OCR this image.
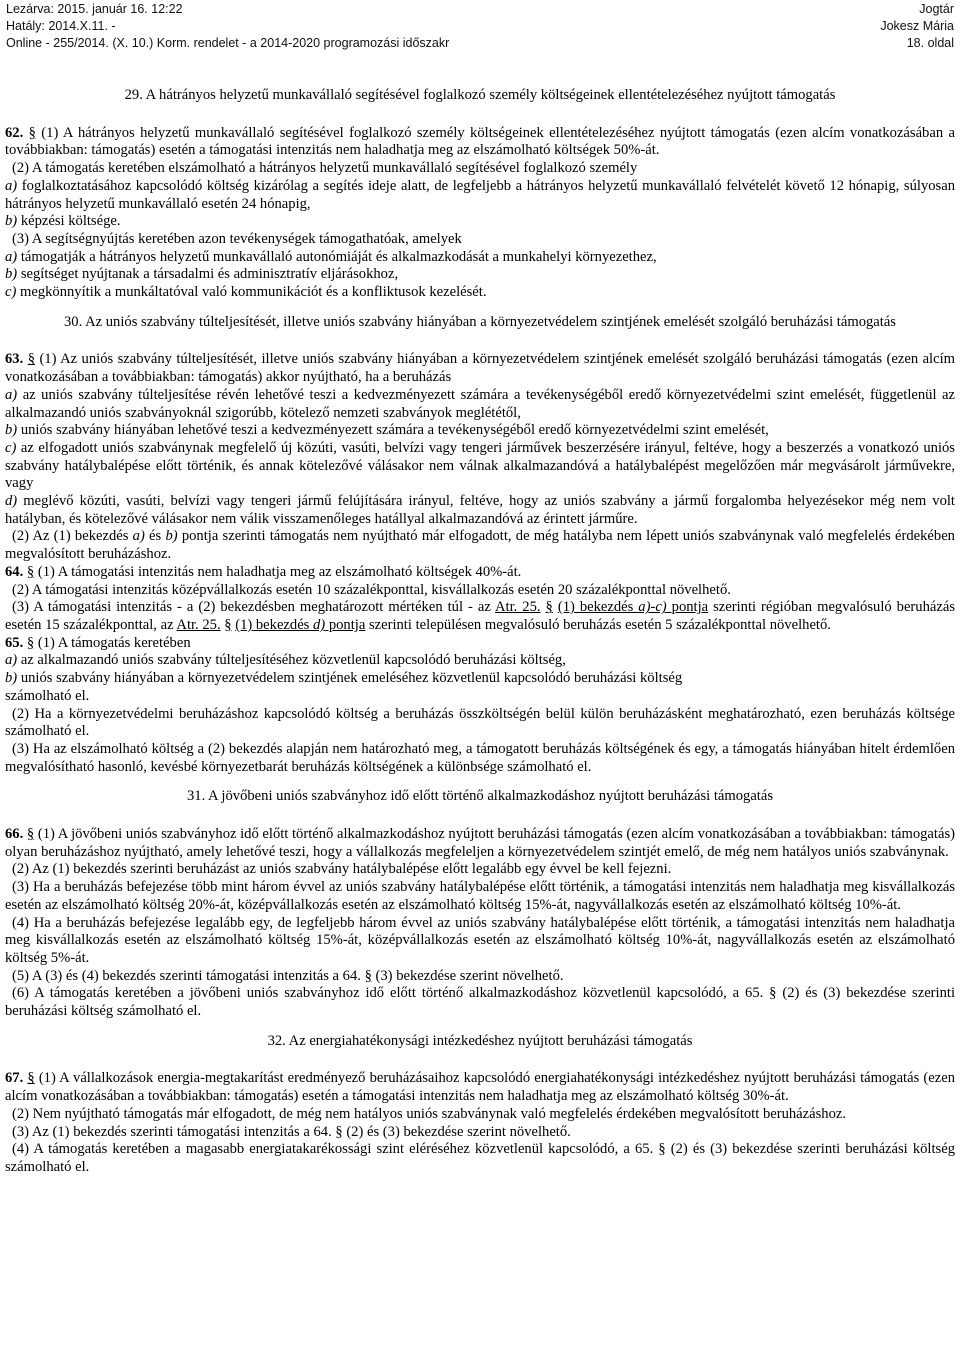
Lezárva: 2015. január 16. 12:22
Hatály: 2014.X.11. -
Online - 255/2014. (X. 10.) Korm. rendelet - a 2014-2020 programozási időszakr
Jogtár
Jokesz Mária
18. oldal

29. A hátrányos helyzetű munkavállaló segítésével foglalkozó személy költségeinek ellentételezéséhez nyújtott támogatás

62. § (1) A hátrányos helyzetű munkavállaló segítésével foglalkozó személy költségeinek ellentételezéséhez nyújtott támogatás (ezen alcím vonatkozásában a továbbiakban: támogatás) esetén a támogatási intenzitás nem haladhatja meg az elszámolható költségek 50%-át.

(2) A támogatás keretében elszámolható a hátrányos helyzetű munkavállaló segítésével foglalkozó személy

a) foglalkoztatásához kapcsolódó költség kizárólag a segítés ideje alatt, de legfeljebb a hátrányos helyzetű munkavállaló felvételét követő 12 hónapig, súlyosan hátrányos helyzetű munkavállaló esetén 24 hónapig,

b) képzési költsége.

(3) A segítségnyújtás keretében azon tevékenységek támogathatóak, amelyek

a) támogatják a hátrányos helyzetű munkavállaló autonómiáját és alkalmazkodását a munkahelyi környezethez,

b) segítséget nyújtanak a társadalmi és adminisztratív eljárásokhoz,

c) megkönnyítik a munkáltatóval való kommunikációt és a konfliktusok kezelését.

30. Az uniós szabvány túlteljesítését, illetve uniós szabvány hiányában a környezetvédelem szintjének emelését szolgáló beruházási támogatás

63. § (1) Az uniós szabvány túlteljesítését, illetve uniós szabvány hiányában a környezetvédelem szintjének emelését szolgáló beruházási támogatás (ezen alcím vonatkozásában a továbbiakban: támogatás) akkor nyújtható, ha a beruházás

a) az uniós szabvány túlteljesítése révén lehetővé teszi a kedvezményezett számára a tevékenységéből eredő környezetvédelmi szint emelését, függetlenül az alkalmazandó uniós szabványoknál szigorúbb, kötelező nemzeti szabványok meglététől,

b) uniós szabvány hiányában lehetővé teszi a kedvezményezett számára a tevékenységéből eredő környezetvédelmi szint emelését,

c) az elfogadott uniós szabványnak megfelelő új közúti, vasúti, belvízi vagy tengeri járművek beszerzésére irányul, feltéve, hogy a beszerzés a vonatkozó uniós szabvány hatálybalépése előtt történik, és annak kötelezővé válásakor nem válnak alkalmazandóvá a hatálybalépést megelőzően már megvásárolt járművekre, vagy

d) meglévő közúti, vasúti, belvízi vagy tengeri jármű felújítására irányul, feltéve, hogy az uniós szabvány a jármű forgalomba helyezésekor még nem volt hatályban, és kötelezővé válásakor nem válik visszamenőleges hatállyal alkalmazandóvá az érintett járműre.

(2) Az (1) bekezdés a) és b) pontja szerinti támogatás nem nyújtható már elfogadott, de még hatályba nem lépett uniós szabványnak való megfelelés érdekében megvalósított beruházáshoz.

64. § (1) A támogatási intenzitás nem haladhatja meg az elszámolható költségek 40%-át.

(2) A támogatási intenzitás középvállalkozás esetén 10 százalékponttal, kisvállalkozás esetén 20 százalékponttal növelhető.

(3) A támogatási intenzitás - a (2) bekezdésben meghatározott mértéken túl - az Atr. 25. § (1) bekezdés a)-c) pontja szerinti régióban megvalósuló beruházás esetén 15 százalékponttal, az Atr. 25. § (1) bekezdés d) pontja szerinti településen megvalósuló beruházás esetén 5 százalékponttal növelhető.

65. § (1) A támogatás keretében

a) az alkalmazandó uniós szabvány túlteljesítéséhez közvetlenül kapcsolódó beruházási költség,

b) uniós szabvány hiányában a környezetvédelem szintjének emeléséhez közvetlenül kapcsolódó beruházási költség

számolható el.

(2) Ha a környezetvédelmi beruházáshoz kapcsolódó költség a beruházás összköltségén belül külön beruházásként meghatározható, ezen beruházás költsége számolható el.

(3) Ha az elszámolható költség a (2) bekezdés alapján nem határozható meg, a támogatott beruházás költségének és egy, a támogatás hiányában hitelt érdemlően megvalósítható hasonló, kevésbé környezetbarát beruházás költségének a különbsége számolható el.

31. A jövőbeni uniós szabványhoz idő előtt történő alkalmazkodáshoz nyújtott beruházási támogatás

66. § (1) A jövőbeni uniós szabványhoz idő előtt történő alkalmazkodáshoz nyújtott beruházási támogatás (ezen alcím vonatkozásában a továbbiakban: támogatás) olyan beruházáshoz nyújtható, amely lehetővé teszi, hogy a vállalkozás megfeleljen a környezetvédelem szintjét emelő, de még nem hatályos uniós szabványnak.

(2) Az (1) bekezdés szerinti beruházást az uniós szabvány hatálybalépése előtt legalább egy évvel be kell fejezni.

(3) Ha a beruházás befejezése több mint három évvel az uniós szabvány hatálybalépése előtt történik, a támogatási intenzitás nem haladhatja meg kisvállalkozás esetén az elszámolható költség 20%-át, középvállalkozás esetén az elszámolható költség 15%-át, nagyvállalkozás esetén az elszámolható költség 10%-át.

(4) Ha a beruházás befejezése legalább egy, de legfeljebb három évvel az uniós szabvány hatálybalépése előtt történik, a támogatási intenzitás nem haladhatja meg kisvállalkozás esetén az elszámolható költség 15%-át, középvállalkozás esetén az elszámolható költség 10%-át, nagyvállalkozás esetén az elszámolható költség 5%-át.

(5) A (3) és (4) bekezdés szerinti támogatási intenzitás a 64. § (3) bekezdése szerint növelhető.

(6) A támogatás keretében a jövőbeni uniós szabványhoz idő előtt történő alkalmazkodáshoz közvetlenül kapcsolódó, a 65. § (2) és (3) bekezdése szerinti beruházási költség számolható el.

32. Az energiahatékonysági intézkedéshez nyújtott beruházási támogatás

67. § (1) A vállalkozások energia-megtakarítást eredményező beruházásaihoz kapcsolódó energiahatékonysági intézkedéshez nyújtott beruházási támogatás (ezen alcím vonatkozásában a továbbiakban: támogatás) esetén a támogatási intenzitás nem haladhatja meg az elszámolható költség 30%-át.

(2) Nem nyújtható támogatás már elfogadott, de még nem hatályos uniós szabványnak való megfelelés érdekében megvalósított beruházáshoz.

(3) Az (1) bekezdés szerinti támogatási intenzitás a 64. § (2) és (3) bekezdése szerint növelhető.

(4) A támogatás keretében a magasabb energiatakarékossági szint eléréséhez közvetlenül kapcsolódó, a 65. § (2) és (3) bekezdése szerinti beruházási költség számolható el.
